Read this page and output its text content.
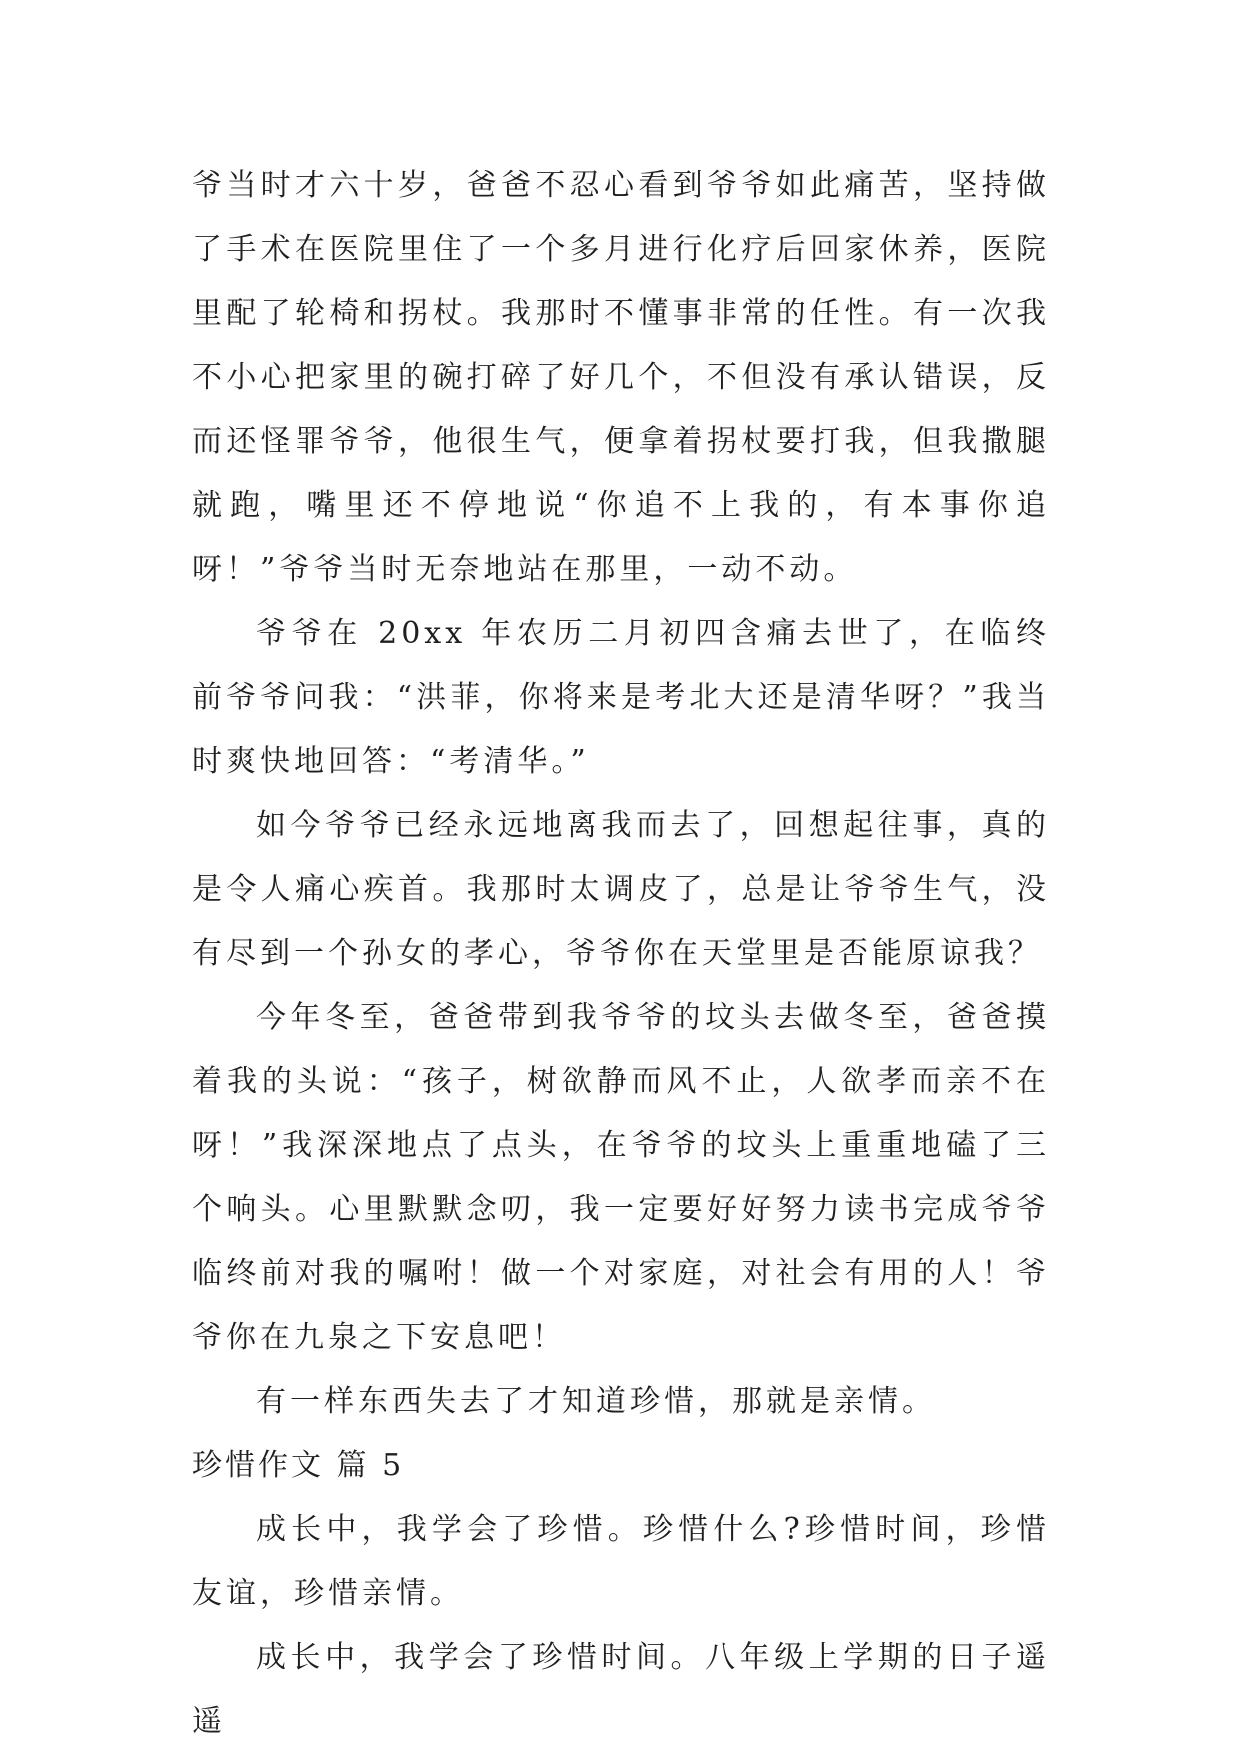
爷当时才六十岁，爸爸不忍心看到爷爷如此痛苦，坚持做了手术在医院里住了一个多月进行化疗后回家休养，医院里配了轮椅和拐杖。我那时不懂事非常的任性。有一次我不小心把家里的碗打碎了好几个，不但没有承认错误，反而还怪罪爷爷，他很生气，便拿着拐杖要打我，但我撒腿就跑，嘴里还不停地说“你追不上我的，有本事你追呀！”爷爷当时无奈地站在那里，一动不动。

爷爷在 20xx 年农历二月初四含痛去世了，在临终前爷爷问我：“洪菲，你将来是考北大还是清华呀？”我当时爽快地回答：“考清华。”

如今爷爷已经永远地离我而去了，回想起往事，真的是令人痛心疾首。我那时太调皮了，总是让爷爷生气，没有尽到一个孙女的孝心，爷爷你在天堂里是否能原谅我？

今年冬至，爸爸带到我爷爷的坟头去做冬至，爸爸摸着我的头说：“孩子，树欲静而风不止，人欲孝而亲不在呀！”我深深地点了点头，在爷爷的坟头上重重地磕了三个响头。心里默默念叨，我一定要好好努力读书完成爷爷临终前对我的嘱咐！做一个对家庭，对社会有用的人！爷爷你在九泉之下安息吧！

有一样东西失去了才知道珍惜，那就是亲情。

珍惜作文 篇 5

成长中，我学会了珍惜。珍惜什么?珍惜时间，珍惜友谊，珍惜亲情。

成长中，我学会了珍惜时间。八年级上学期的日子遥遥
